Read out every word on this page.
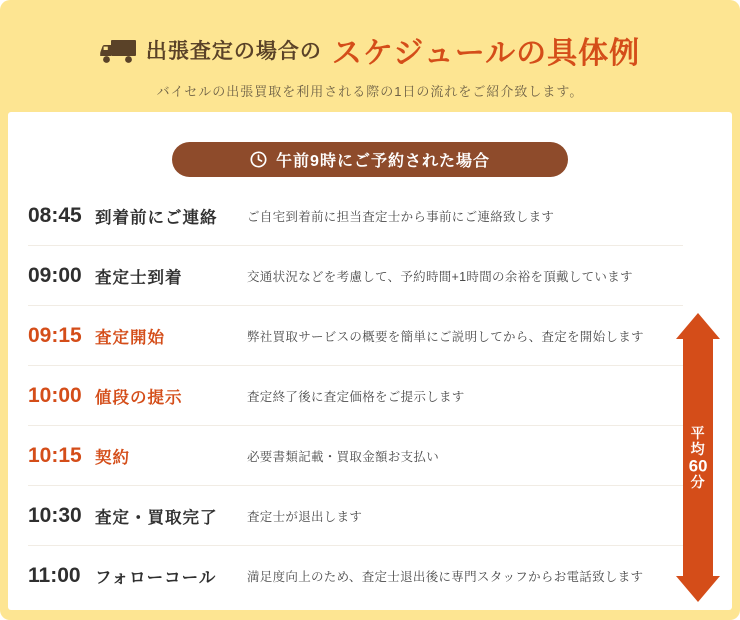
出張査定の場合の スケジュールの具体例
バイセルの出張買取を利用される際の1日の流れをご紹介致します。
午前9時にご予約された場合
08:45 到着前にご連絡	ご自宅到着前に担当査定士から事前にご連絡致します
09:00 査定士到着	交通状況などを考慮して、予約時間+1時間の余裕を頂戴しています
09:15 査定開始	弊社買取サービスの概要を簡単にご説明してから、査定を開始します
10:00 値段の提示	査定終了後に査定価格をご提示します
10:15 契約	必要書類記載・買取金額お支払い
10:30 査定・買取完了	査定士が退出します
11:00 フォローコール	満足度向上のため、査定士退出後に専門スタッフからお電話致します
平均60分
